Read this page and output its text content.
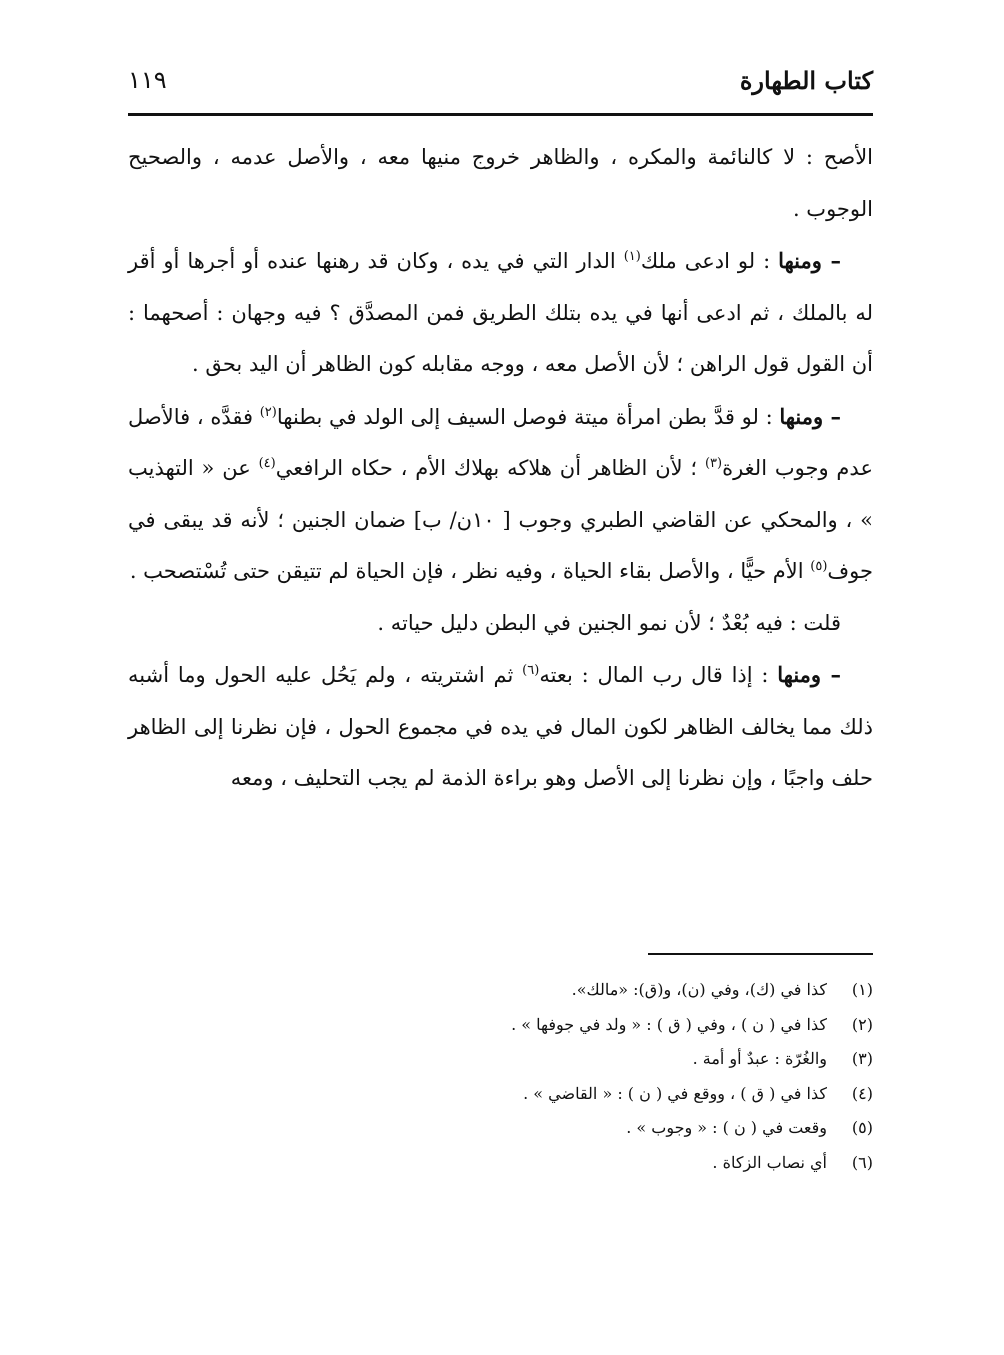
كتاب الطهارة
١١٩

الأصح : لا كالنائمة والمكره ، والظاهر خروج منيها معه ، والأصل عدمه ، والصحيح الوجوب .

– ومنها : لو ادعى ملك$^{(١)}$ الدار التي في يده ، وكان قد رهنها عنده أو أجرها أو أقر له بالملك ، ثم ادعى أنها في يده بتلك الطريق فمن المصدَّق ؟ فيه وجهان : أصحهما : أن القول قول الراهن ؛ لأن الأصل معه ، ووجه مقابله كون الظاهر أن اليد بحق .

– ومنها : لو قدَّ بطن امرأة ميتة فوصل السيف إلى الولد في بطنها$^{(٢)}$ فقدَّه ، فالأصل عدم وجوب الغرة$^{(٣)}$ ؛ لأن الظاهر أن هلاكه بهلاك الأم ، حكاه الرافعي$^{(٤)}$ عن « التهذيب » ، والمحكي عن القاضي الطبري وجوب [ ١٠ن/ ب] ضمان الجنين ؛ لأنه قد يبقى في جوف$^{(٥)}$ الأم حيًّا ، والأصل بقاء الحياة ، وفيه نظر ، فإن الحياة لم تتيقن حتى تُسْتصحب .

قلت : فيه بُعْدٌ ؛ لأن نمو الجنين في البطن دليل حياته .

– ومنها : إذا قال رب المال : بعته$^{(٦)}$ ثم اشتريته ، ولم يَحُل عليه الحول وما أشبه ذلك مما يخالف الظاهر لكون المال في يده في مجموع الحول ، فإن نظرنا إلى الظاهر حلف واجبًا ، وإن نظرنا إلى الأصل وهو براءة الذمة لم يجب التحليف ، ومعه

(١)كذا في (ك)، وفي (ن)، و(ق): «مالك».
(٢)كذا في ( ن ) ، وفي ( ق ) : « ولد في جوفها » .
(٣)والغُرّة : عبدٌ أو أمة .
(٤)كذا في ( ق ) ، ووقع في ( ن ) : « القاضي » .
(٥)وقعت في ( ن ) : « وجوب » .
(٦)أي نصاب الزكاة .
